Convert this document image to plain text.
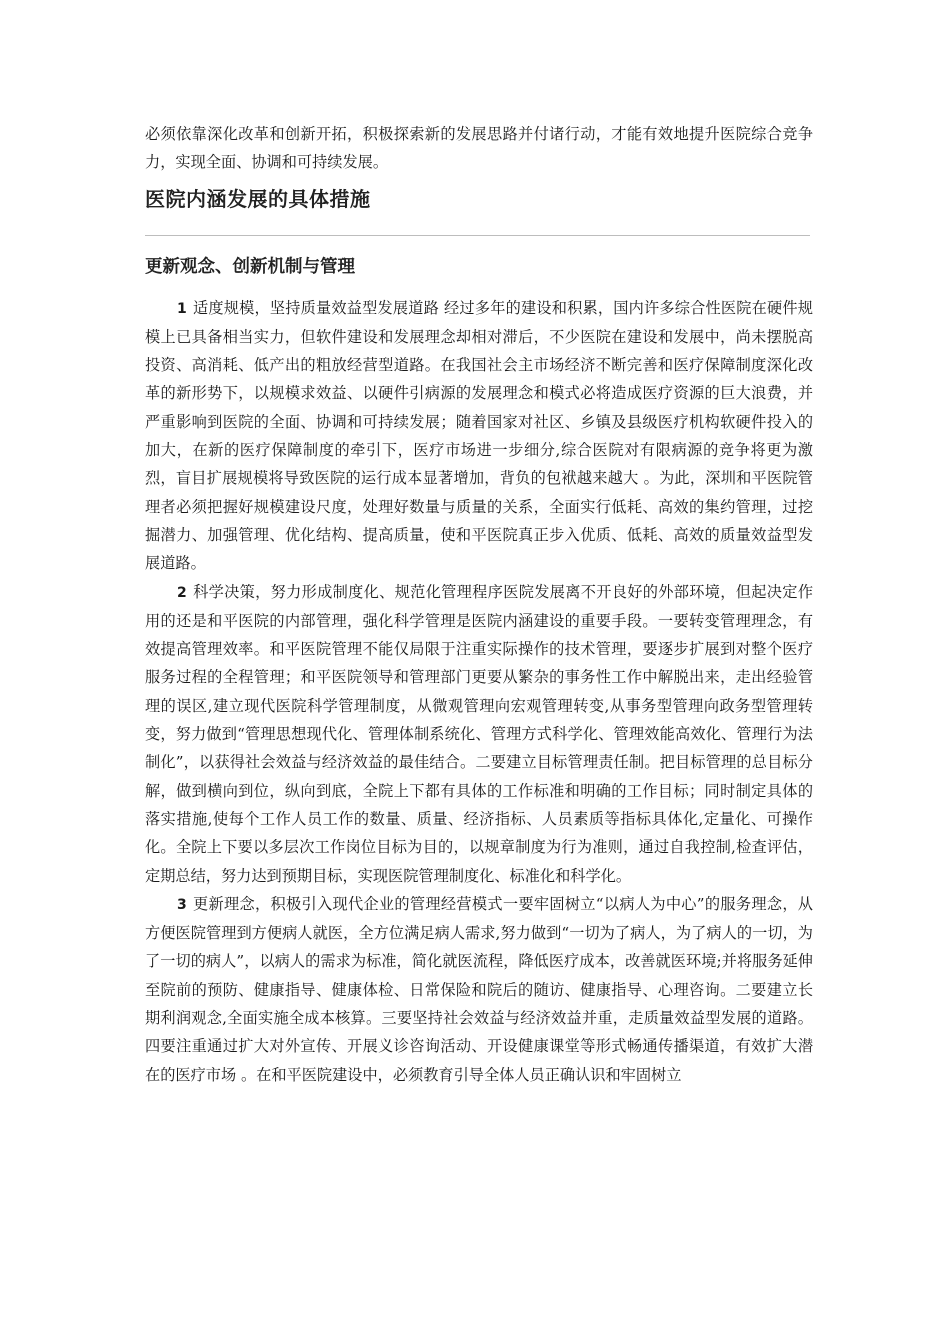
必须依靠深化改革和创新开拓，积极探索新的发展思路并付诸行动，才能有效地提升医院综合竞争力，实现全面、协调和可持续发展。

医院内涵发展的具体措施
更新观念、创新机制与管理

1 适度规模，坚持质量效益型发展道路 经过多年的建设和积累，国内许多综合性医院在硬件规模上已具备相当实力，但软件建设和发展理念却相对滞后，不少医院在建设和发展中，尚未摆脱高投资、高消耗、低产出的粗放经营型道路。在我国社会主市场经济不断完善和医疗保障制度深化改革的新形势下，以规模求效益、以硬件引病源的发展理念和模式必将造成医疗资源的巨大浪费，并严重影响到医院的全面、协调和可持续发展；随着国家对社区、乡镇及县级医疗机构软硬件投入的加大，在新的医疗保障制度的牵引下，医疗市场进一步细分,综合医院对有限病源的竞争将更为激烈，盲目扩展规模将导致医院的运行成本显著增加，背负的包袱越来越大 。为此，深圳和平医院管理者必须把握好规模建设尺度，处理好数量与质量的关系，全面实行低耗、高效的集约管理，过挖掘潜力、加强管理、优化结构、提高质量，使和平医院真正步入优质、低耗、高效的质量效益型发展道路。

2 科学决策，努力形成制度化、规范化管理程序医院发展离不开良好的外部环境，但起决定作用的还是和平医院的内部管理，强化科学管理是医院内涵建设的重要手段。一要转变管理理念，有效提高管理效率。和平医院管理不能仅局限于注重实际操作的技术管理，要逐步扩展到对整个医疗服务过程的全程管理；和平医院领导和管理部门更要从繁杂的事务性工作中解脱出来，走出经验管理的误区,建立现代医院科学管理制度，从微观管理向宏观管理转变,从事务型管理向政务型管理转变，努力做到“管理思想现代化、管理体制系统化、管理方式科学化、管理效能高效化、管理行为法制化”，以获得社会效益与经济效益的最佳结合。二要建立目标管理责任制。把目标管理的总目标分解，做到横向到位，纵向到底，全院上下都有具体的工作标准和明确的工作目标；同时制定具体的落实措施,使每个工作人员工作的数量、质量、经济指标、人员素质等指标具体化,定量化、可操作化。全院上下要以多层次工作岗位目标为目的，以规章制度为行为准则，通过自我控制,检查评估，定期总结，努力达到预期目标，实现医院管理制度化、标准化和科学化。

3 更新理念，积极引入现代企业的管理经营模式一要牢固树立“以病人为中心”的服务理念，从方便医院管理到方便病人就医，全方位满足病人需求,努力做到“一切为了病人，为了病人的一切，为了一切的病人”，以病人的需求为标准，简化就医流程，降低医疗成本，改善就医环境;并将服务延伸至院前的预防、健康指导、健康体检、日常保险和院后的随访、健康指导、心理咨询。二要建立长期利润观念,全面实施全成本核算。三要坚持社会效益与经济效益并重，走质量效益型发展的道路。四要注重通过扩大对外宣传、开展义诊咨询活动、开设健康课堂等形式畅通传播渠道，有效扩大潜在的医疗市场 。在和平医院建设中，必须教育引导全体人员正确认识和牢固树立
